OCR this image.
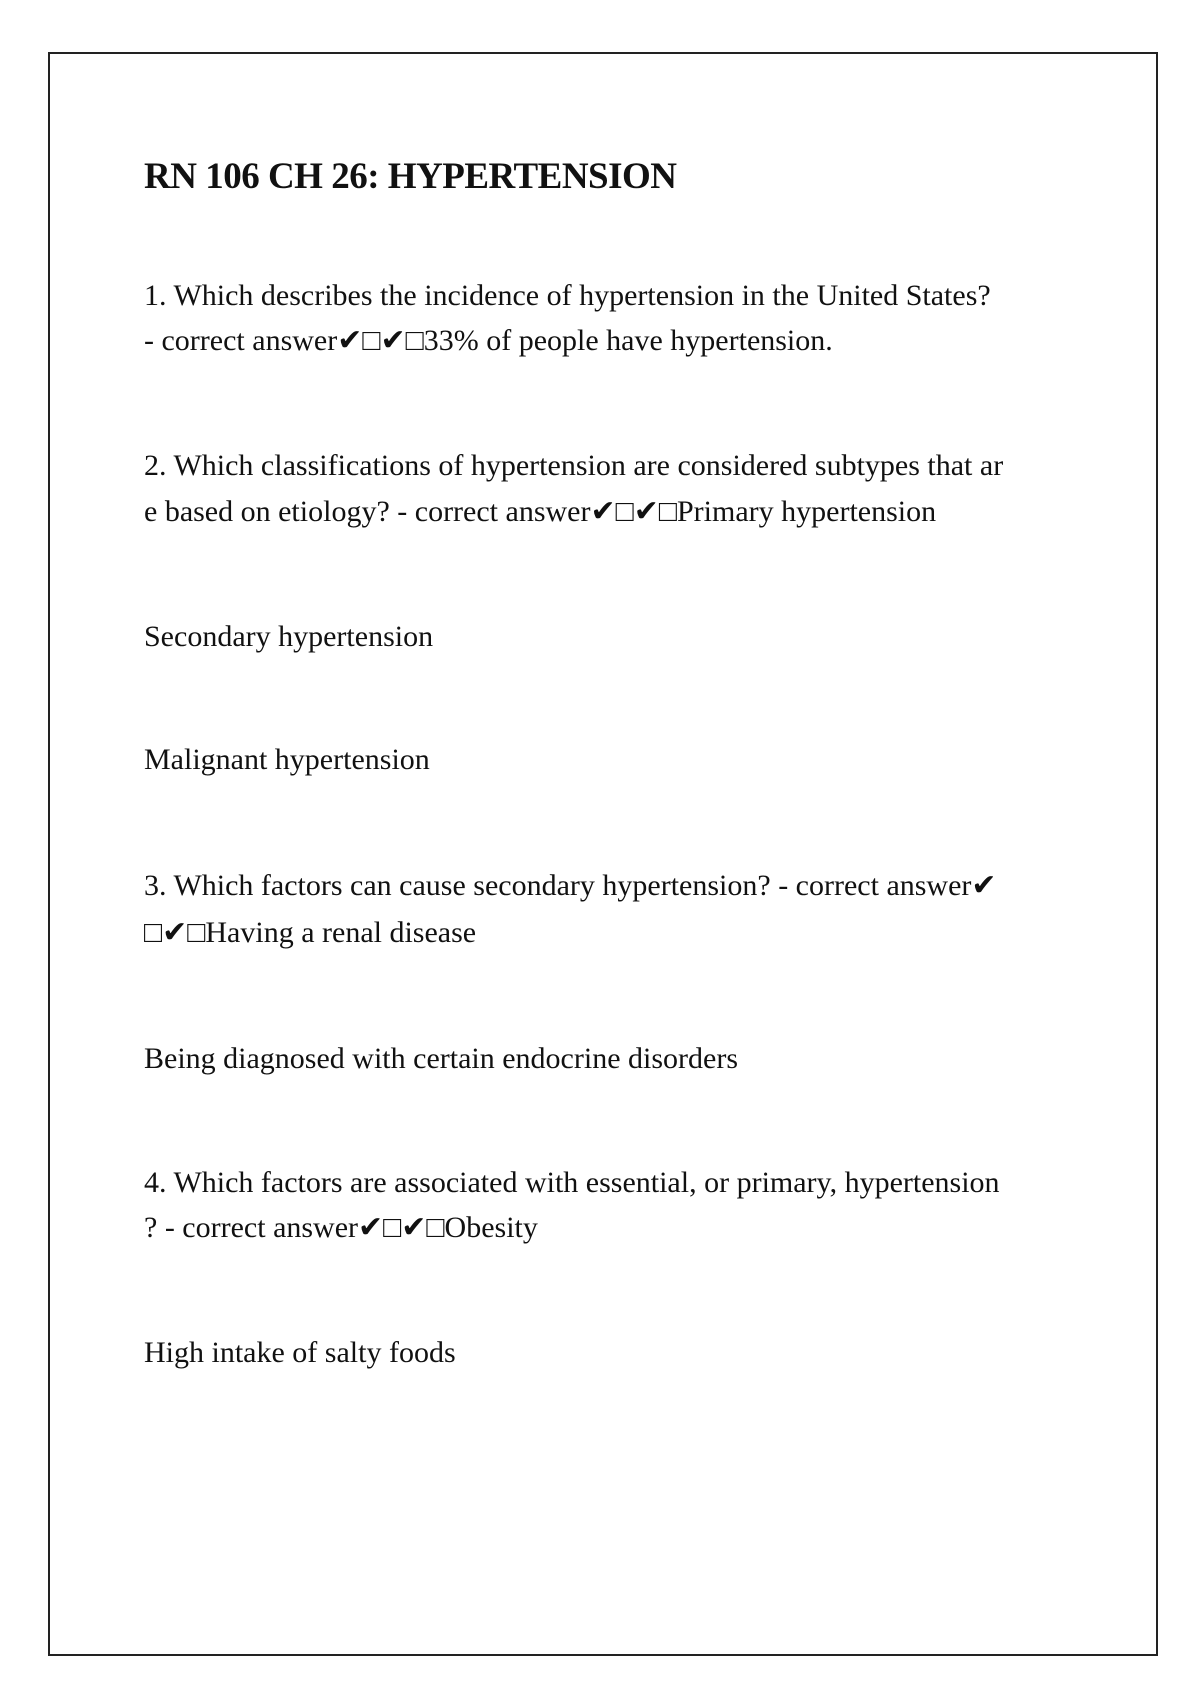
RN 106 CH 26: HYPERTENSION

1. Which describes the incidence of hypertension in the United States?

- correct answer✔□✔□33% of people have hypertension.

2. Which classifications of hypertension are considered subtypes that ar

e based on etiology? - correct answer✔□✔□Primary hypertension

Secondary hypertension

Malignant hypertension

3. Which factors can cause secondary hypertension? - correct answer✔

□✔□Having a renal disease

Being diagnosed with certain endocrine disorders

4. Which factors are associated with essential, or primary, hypertension

? - correct answer✔□✔□Obesity

High intake of salty foods
